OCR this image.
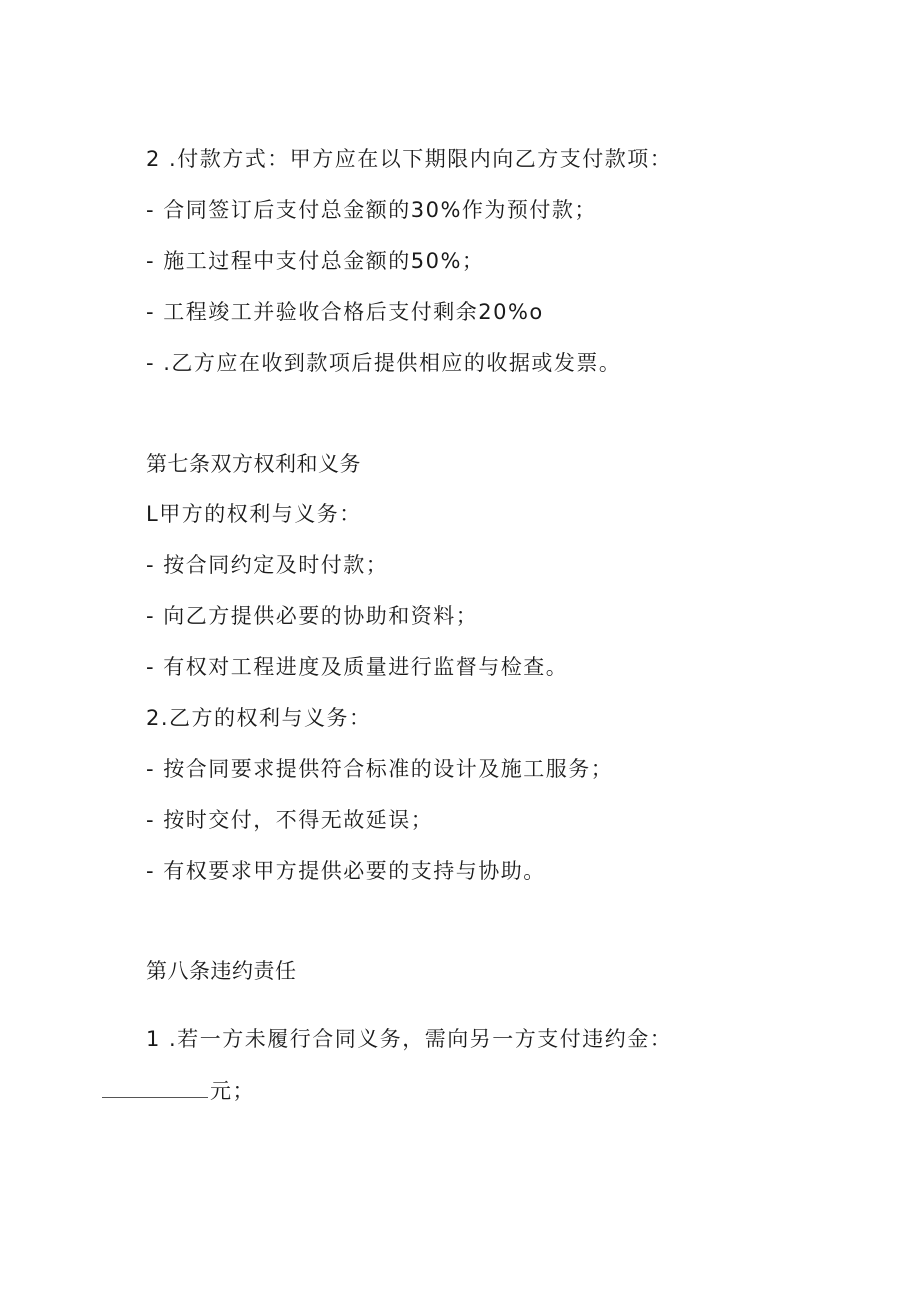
2 .付款方式：甲方应在以下期限内向乙方支付款项：
- 合同签订后支付总金额的30%作为预付款；
- 施工过程中支付总金额的50%；
- 工程竣工并验收合格后支付剩余20%o
- .乙方应在收到款项后提供相应的收据或发票。
第七条双方权利和义务
L甲方的权利与义务：
- 按合同约定及时付款；
- 向乙方提供必要的协助和资料；
- 有权对工程进度及质量进行监督与检查。
2.乙方的权利与义务：
- 按合同要求提供符合标准的设计及施工服务；
- 按时交付，不得无故延误；
- 有权要求甲方提供必要的支持与协助。
第八条违约责任
1 .若一方未履行合同义务，需向另一方支付违约金：
元；
